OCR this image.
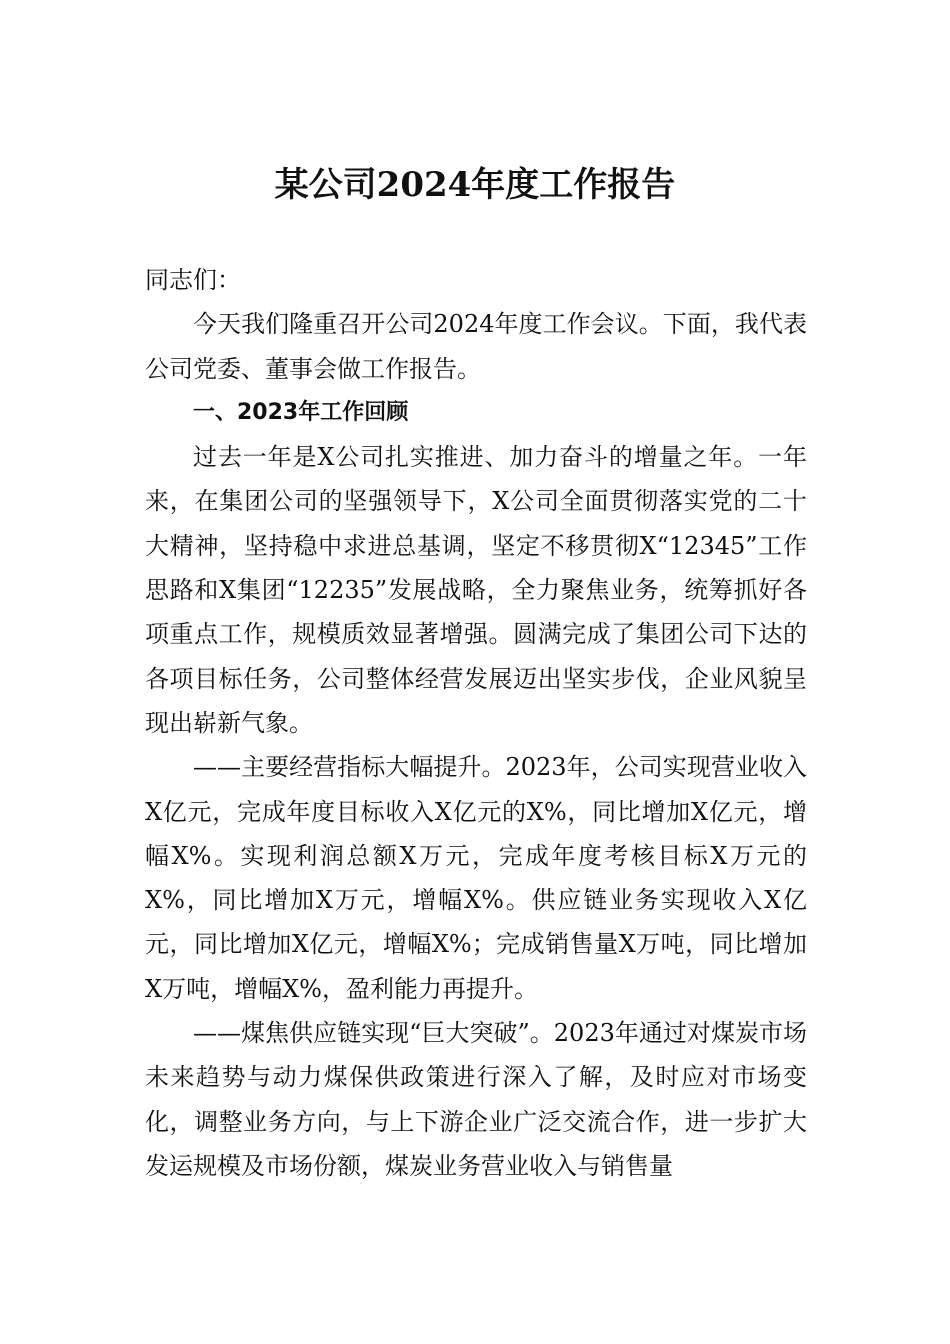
某公司2024年度工作报告

同志们：

今天我们隆重召开公司2024年度工作会议。下面，我代表公司党委、董事会做工作报告。

一、2023年工作回顾

过去一年是X公司扎实推进、加力奋斗的增量之年。一年来，在集团公司的坚强领导下，X公司全面贯彻落实党的二十大精神，坚持稳中求进总基调，坚定不移贯彻X“12345”工作思路和X集团“12235”发展战略，全力聚焦业务，统筹抓好各项重点工作，规模质效显著增强。圆满完成了集团公司下达的各项目标任务，公司整体经营发展迈出坚实步伐，企业风貌呈现出崭新气象。

——主要经营指标大幅提升。2023年，公司实现营业收入X亿元，完成年度目标收入X亿元的X%，同比增加X亿元，增幅X%。实现利润总额X万元，完成年度考核目标X万元的X%，同比增加X万元，增幅X%。供应链业务实现收入X亿元，同比增加X亿元，增幅X%；完成销售量X万吨，同比增加X万吨，增幅X%，盈利能力再提升。

——煤焦供应链实现“巨大突破”。2023年通过对煤炭市场未来趋势与动力煤保供政策进行深入了解，及时应对市场变化，调整业务方向，与上下游企业广泛交流合作，进一步扩大发运规模及市场份额，煤炭业务营业收入与销售量
